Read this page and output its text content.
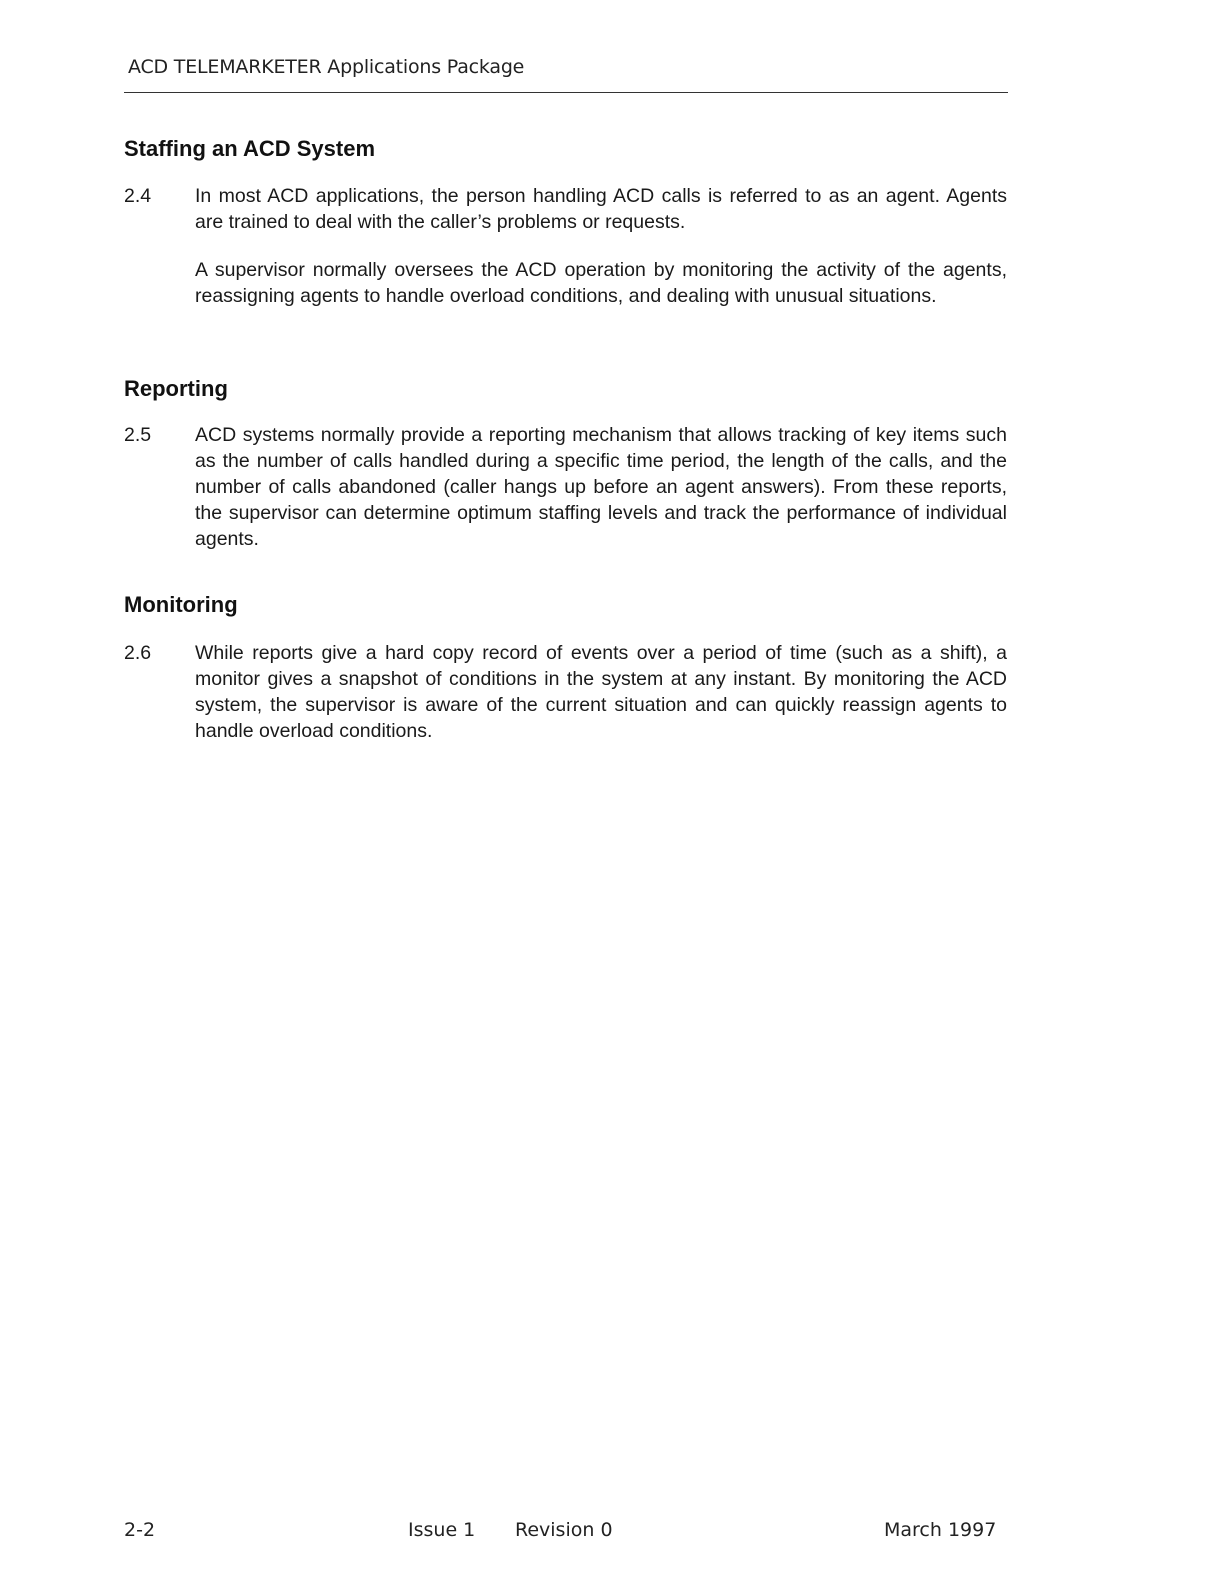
ACD TELEMARKETER Applications Package
Staffing an ACD System
2.4 In most ACD applications, the person handling ACD calls is referred to as an agent. Agents are trained to deal with the caller’s problems or requests.
A supervisor normally oversees the ACD operation by monitoring the activity of the agents, reassigning agents to handle overload conditions, and dealing with unusual situations.
Reporting
2.5 ACD systems normally provide a reporting mechanism that allows tracking of key items such as the number of calls handled during a specific time period, the length of the calls, and the number of calls abandoned (caller hangs up before an agent answers). From these reports, the supervisor can determine optimum staffing levels and track the performance of individual agents.
Monitoring
2.6 While reports give a hard copy record of events over a period of time (such as a shift), a monitor gives a snapshot of conditions in the system at any instant. By monitoring the ACD system, the supervisor is aware of the current situation and can quickly reassign agents to handle overload conditions.
2-2	Issue 1 Revision 0	March 1997
